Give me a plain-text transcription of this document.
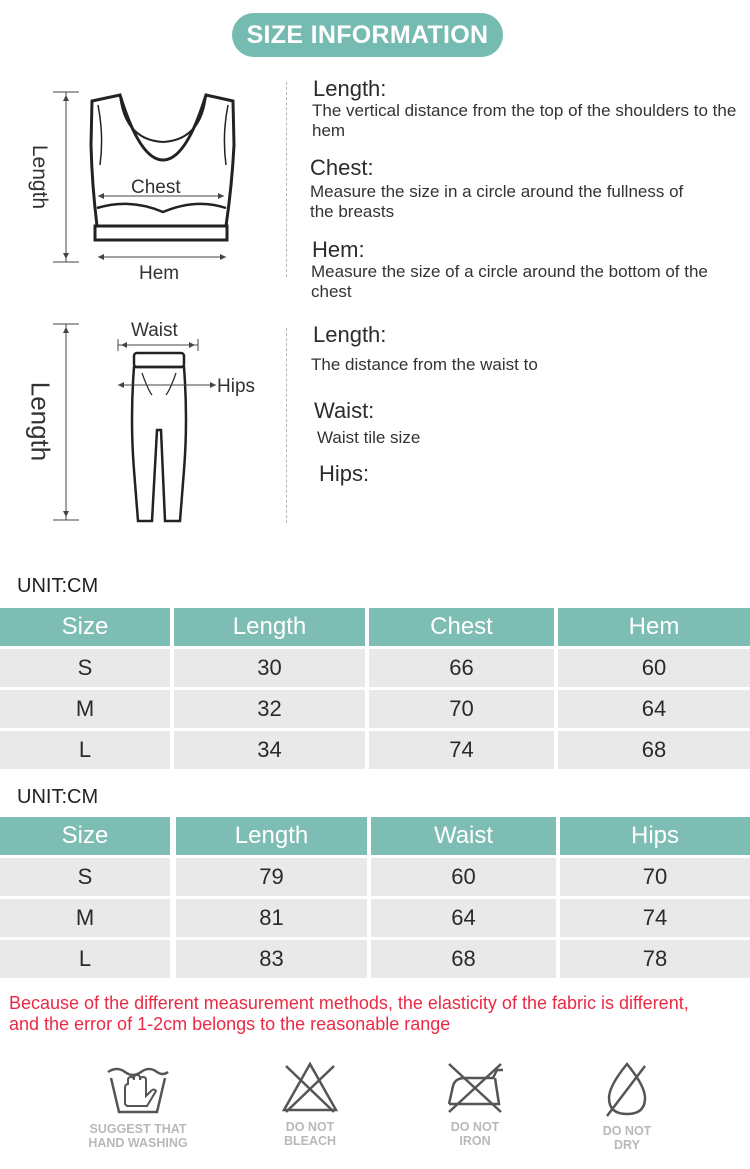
SIZE INFORMATION
Length	Chest
Hem
Length:
The vertical distance from the top of the shoulders to the hem
Chest:
Measure the size in a circle around the fullness of the breasts
Hem:
Measure the size of a circle around the bottom of the chest
Length
Waist
Hips
Length:
The distance from the waist to
Waist:
Waist tile size
Hips:
UNIT:CM
Size	Length	Chest	Hem
S	30	66	60
M	32	70	64
L	34	74	68
UNIT:CM
Size	Length	Waist	Hips
S	79	60	70
M	81	64	74
L	83	68	78
Because of the different measurement methods, the elasticity of the fabric is different,
and the error of 1-2cm belongs to the reasonable range
SUGGEST THAT
HAND WASHING
DO NOT
BLEACH
DO NOT
IRON
DO NOT
DRY
